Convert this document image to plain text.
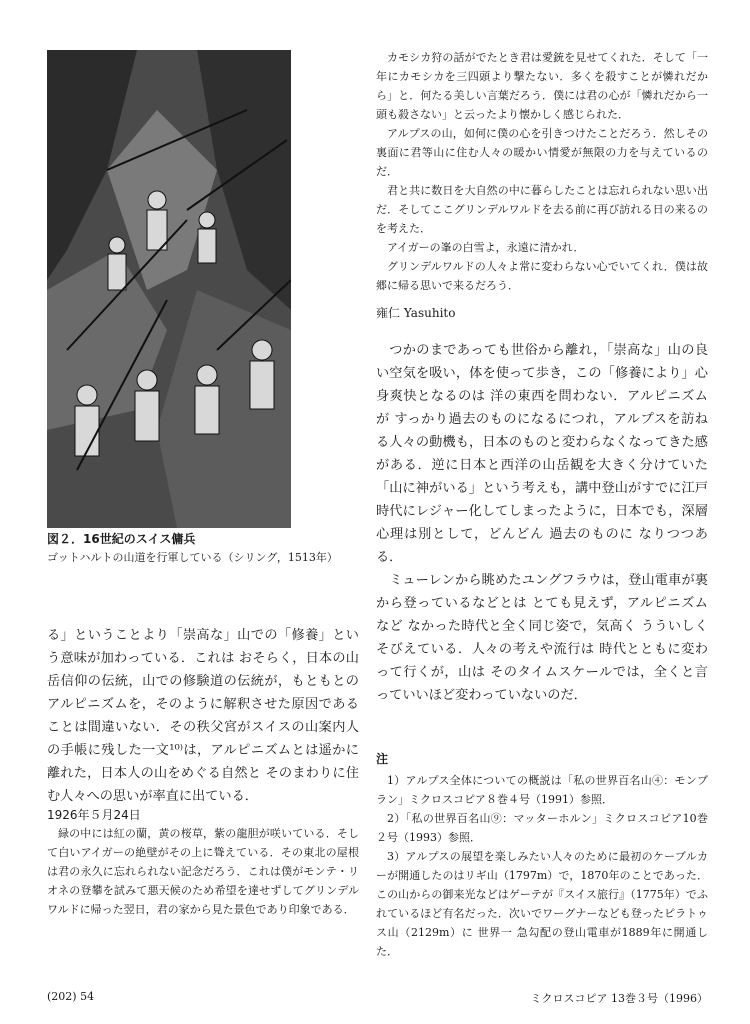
図２．16世紀のスイス傭兵

ゴットハルトの山道を行軍している（シリング，1513年）

る」ということより「崇高な」山での「修養」という意味が加わっている．これは おそらく，日本の山岳信仰の伝統，山での修験道の伝統が，もともとのアルピニズムを，そのように解釈させた原因であることは間違いない．その秩父宮がスイスの山案内人の手帳に残した一文¹⁰⁾は，アルピニズムとは遥かに離れた，日本人の山をめぐる自然と そのまわりに住む人々への思いが率直に出ている．

1926年５月24日

緑の中には紅の蘭，黄の桜草，紫の龍胆が咲いている．そして白いアイガーの絶壁がその上に聳えている．その東北の屋根は君の永久に忘れられない記念だろう．これは僕がモンテ・リオネの登攀を試みて悪天候のため希望を達せずしてグリンデルワルドに帰った翌日，君の家から見た景色であり印象である．

カモシカ狩の話がでたとき君は愛銃を見せてくれた．そして「一年にカモシカを三四頭より撃たない．多くを殺すことが憐れだから」と．何たる美しい言葉だろう．僕には君の心が「憐れだから一頭も殺さない」と云ったより懐かしく感じられた．

アルプスの山，如何に僕の心を引きつけたことだろう．然しその裏面に君等山に住む人々の暖かい情愛が無限の力を与えているのだ．

君と共に数日を大自然の中に暮らしたことは忘れられない思い出だ．そしてここグリンデルワルドを去る前に再び訪れる日の来るのを考えた．

アイガーの峯の白雪よ，永遠に清かれ．

グリンデルワルドの人々よ常に変わらない心でいてくれ．僕は故郷に帰る思いで来るだろう．

雍仁 Yasuhito

つかのまであっても世俗から離れ，「崇高な」山の良い空気を吸い，体を使って歩き，この「修養により」心身爽快となるのは 洋の東西を問わない．アルピニズムが すっかり過去のものになるにつれ，アルプスを訪ねる人々の動機も，日本のものと変わらなくなってきた感がある．逆に日本と西洋の山岳観を大きく分けていた「山に神がいる」という考えも，講中登山がすでに江戸時代にレジャー化してしまったように，日本でも，深層心理は別として，どんどん 過去のものに なりつつある．

ミューレンから眺めたユングフラウは，登山電車が裏から登っているなどとは とても見えず，アルピニズムなど なかった時代と全く同じ姿で，気高く うういしく そびえている．人々の考えや流行は 時代とともに変わって行くが，山は そのタイムスケールでは，全くと言っていいほど変わっていないのだ．

注

1）アルプス全体についての概説は「私の世界百名山④：モンブラン」ミクロスコピア８巻４号（1991）参照．

2）「私の世界百名山⑨：マッターホルン」ミクロスコピア10巻２号（1993）参照．

3）アルプスの展望を楽しみたい人々のために最初のケーブルカーが開通したのはリギ山（1797m）で，1870年のことであった．この山からの御来光などはゲーテが『スイス旅行』（1775年）でふれているほど有名だった．次いでワーグナーなども登ったピラトゥス山（2129m）に 世界一 急勾配の登山電車が1889年に開通した．

(202) 54	ミクロスコピア 13巻３号（1996）
